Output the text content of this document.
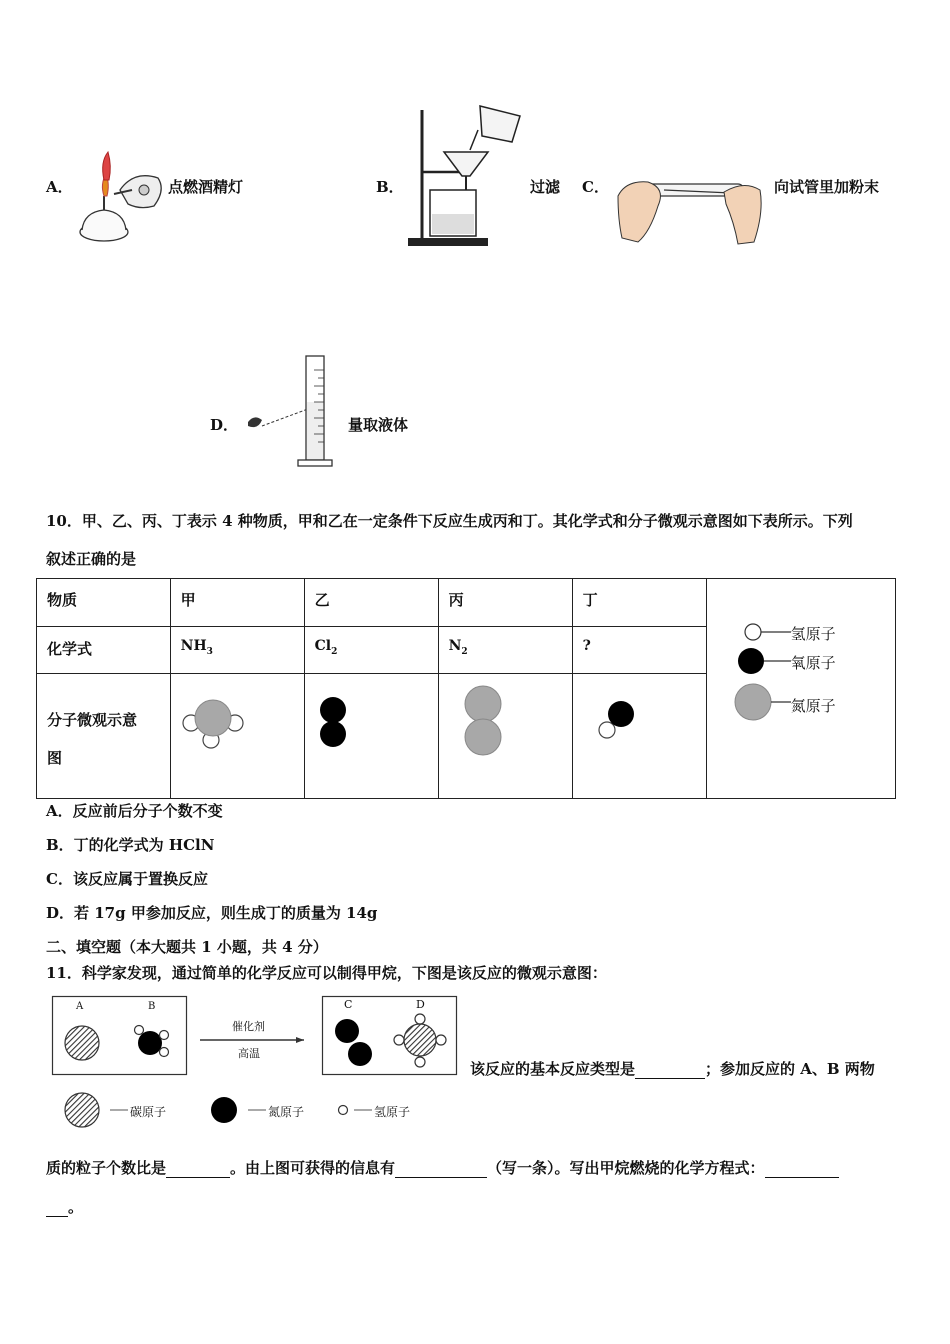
A．	点燃酒精灯	B．	过滤 C．	向试管里加粉末
D．	量取液体
10．甲、乙、丙、丁表示 4 种物质，甲和乙在一定条件下反应生成丙和丁。其化学式和分子微观示意图如下表所示。下列
叙述正确的是
物质	甲	乙	丙	丁	氢原子
氧原子
氮原子

化学式	$NH_3$	$Cl_2$	$N_2$	?	
分子微观示意
图				
A．反应前后分子个数不变
B．丁的化学式为 HClN
C．该反应属于置换反应
D．若 17g 甲参加反应，则生成丁的质量为 14g
二、填空题（本大题共 1 小题，共 4 分）
11．科学家发现，通过简单的化学反应可以制得甲烷，下图是该反应的微观示意图：
A	B	C	D
催化剂
高温
该反应的基本反应类型是	；参加反应的 A、B 两物
碳原子	氮原子	氢原子
质的粒子个数比是	。由上图可获得的信息有	（写一条）。写出甲烷燃烧的化学方程式：
。
